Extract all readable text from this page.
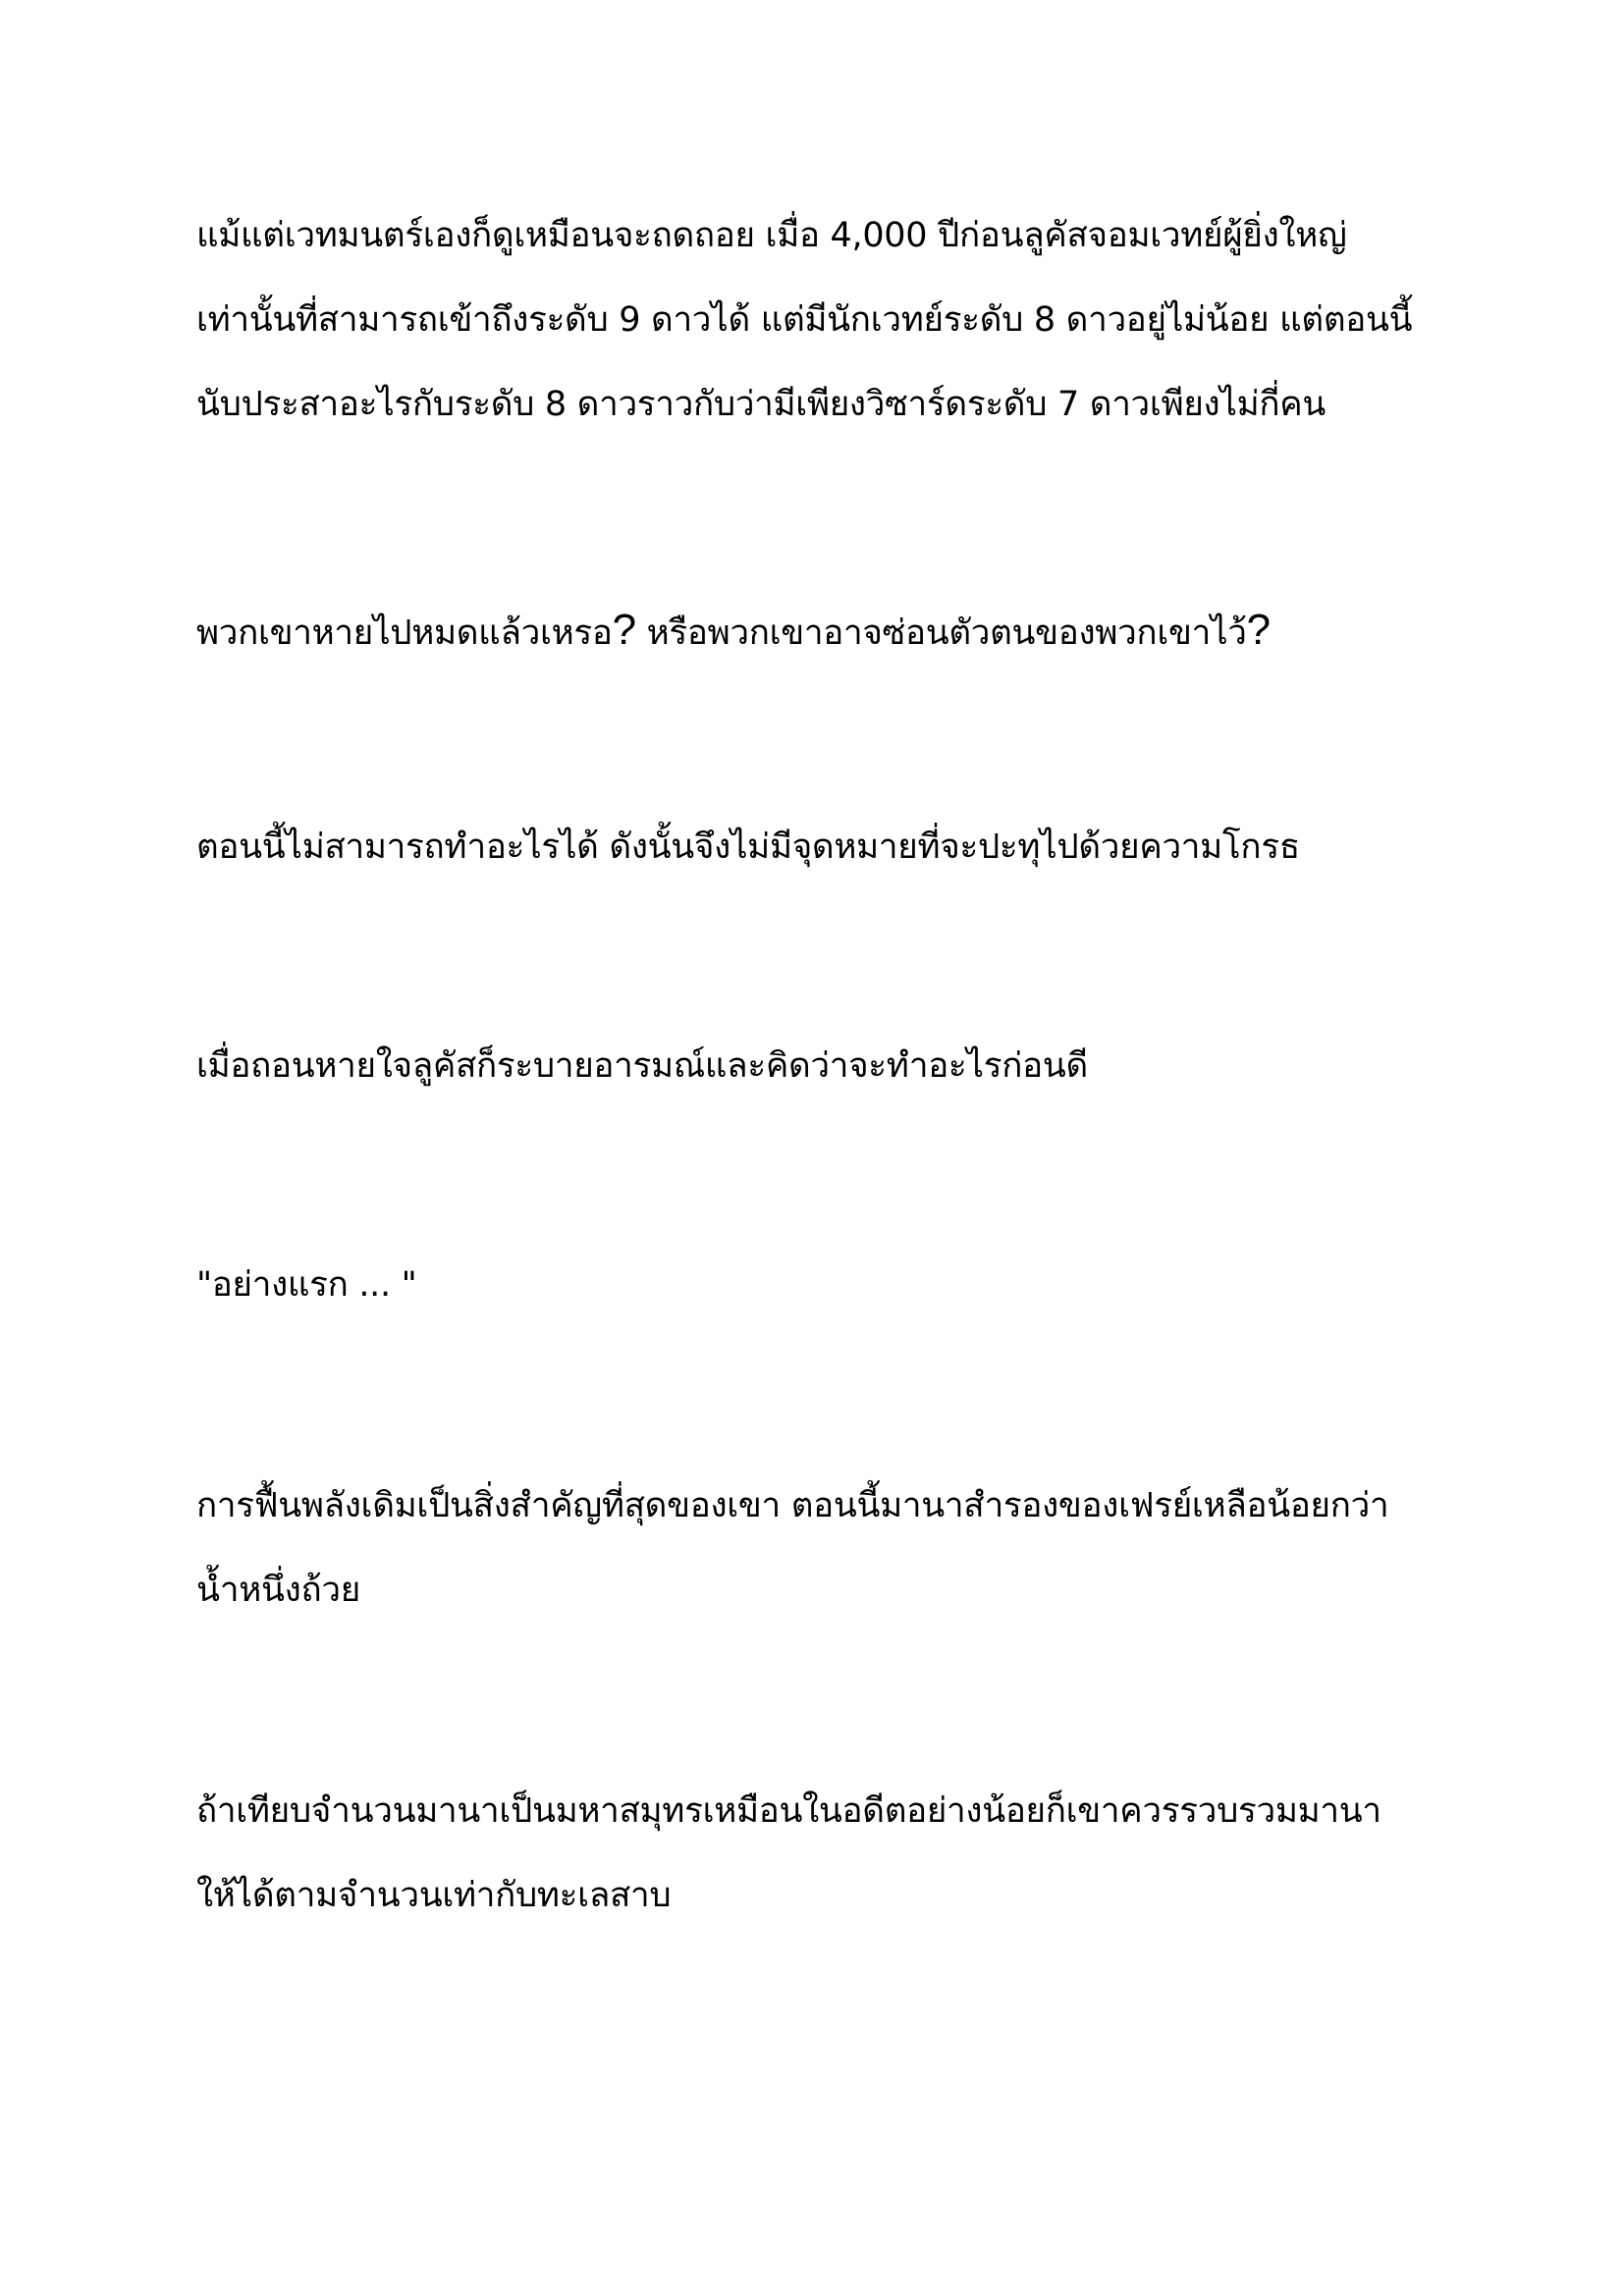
แม้แต่เวทมนตร์เองก็ดูเหมือนจะถดถอย เมื่อ 4,000 ปีก่อนลูคัสจอมเวทย์ผู้ยิ่งใหญ่

เท่านั้นที่สามารถเข้าถึงระดับ 9 ดาวได้ แต่มีนักเวทย์ระดับ 8 ดาวอยู่ไม่น้อย แต่ตอนนี้

นับประสาอะไรกับระดับ 8 ดาวราวกับว่ามีเพียงวิซาร์ดระดับ 7 ดาวเพียงไม่กี่คน

พวกเขาหายไปหมดแล้วเหรอ? หรือพวกเขาอาจซ่อนตัวตนของพวกเขาไว้?

ตอนนี้ไม่สามารถทำอะไรได้ ดังนั้นจึงไม่มีจุดหมายที่จะปะทุไปด้วยความโกรธ

เมื่อถอนหายใจลูคัสก็ระบายอารมณ์และคิดว่าจะทำอะไรก่อนดี

"อย่างแรก ... "

การฟื้นพลังเดิมเป็นสิ่งสำคัญที่สุดของเขา ตอนนี้มานาสำรองของเฟรย์เหลือน้อยกว่า

น้ำหนึ่งถ้วย

ถ้าเทียบจำนวนมานาเป็นมหาสมุทรเหมือนในอดีตอย่างน้อยก็เขาควรรวบรวมมานา

ให้ได้ตามจำนวนเท่ากับทะเลสาบ
